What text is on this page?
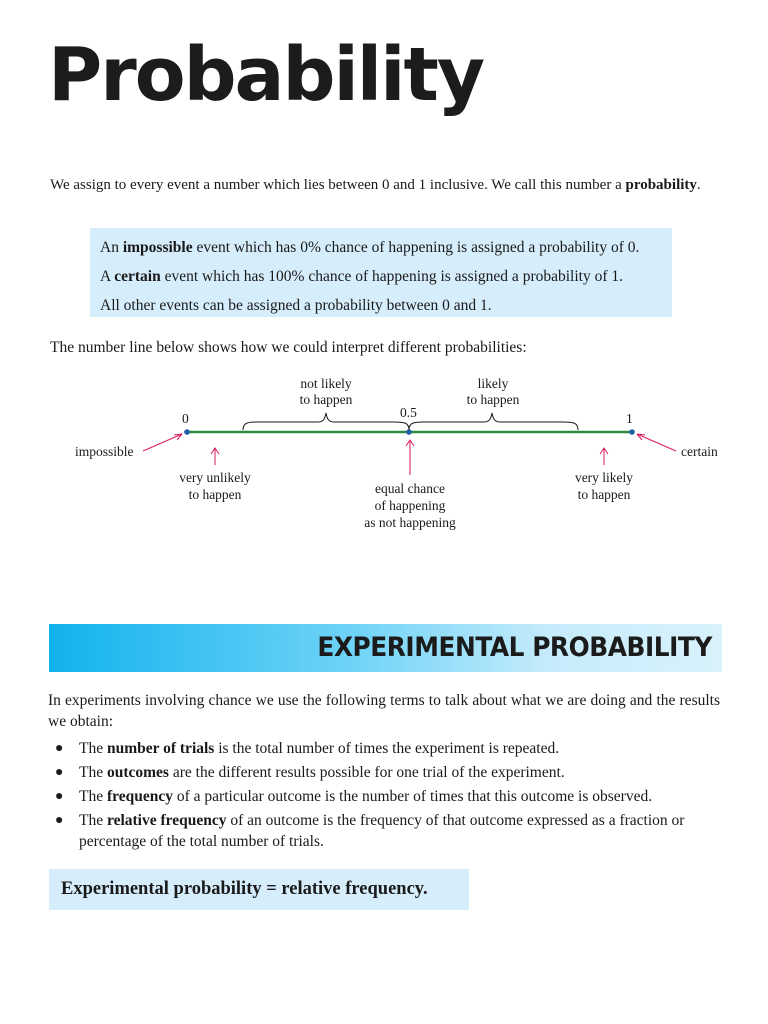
Probability

We assign to every event a number which lies between 0 and 1 inclusive. We call this number a probability.

An impossible event which has 0% chance of happening is assigned a probability of 0.

A certain event which has 100% chance of happening is assigned a probability of 1.

All other events can be assigned a probability between 0 and 1.

The number line below shows how we could interpret different probabilities:

0	0.5	1
not likely
to happen
likely
to happen
impossible	certain
very unlikely
to happen	equal chance
of happening
as not happening
very likely
to happen
EXPERIMENTAL PROBABILITY

In experiments involving chance we use the following terms to talk about what we are doing and the results we obtain:

● The number of trials is the total number of times the experiment is repeated.
● The outcomes are the different results possible for one trial of the experiment.
● The frequency of a particular outcome is the number of times that this outcome is observed.
● The relative frequency of an outcome is the frequency of that outcome expressed as a fraction or percentage of the total number of trials.
Experimental probability = relative frequency.
